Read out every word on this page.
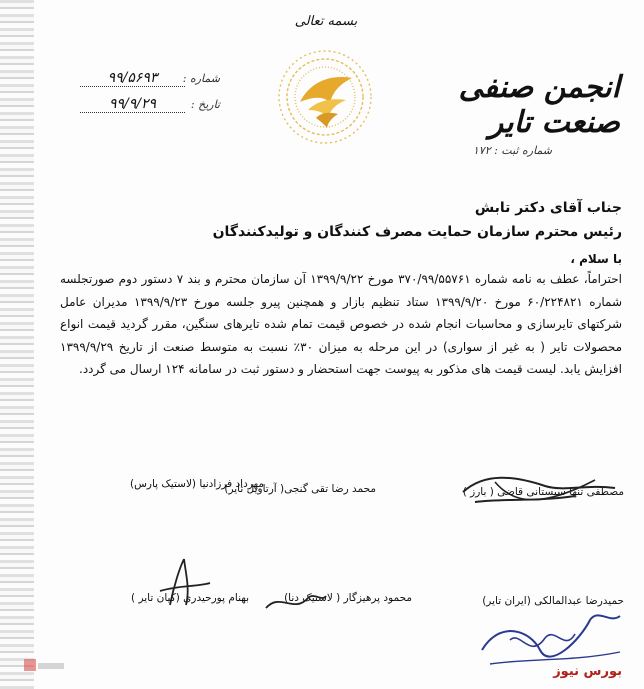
بسمه تعالی
انجمن صنفی صنعت تایر
شماره ثبت : ۱۷۲
شماره :
۹۹/۵۶۹۳
تاریخ :
۹۹/۹/۲۹
جناب آقای دکتر تابش
رئیس محترم سازمان حمایت مصرف کنندگان و تولیدکنندگان
با سلام ،
احتراماً، عطف به نامه شماره ۳۷۰/۹۹/۵۵۷۶۱ مورخ ۱۳۹۹/۹/۲۲ آن سازمان محترم و بند ۷ دستور دوم صورتجلسه شماره ۶۰/۲۲۴۸۲۱ مورخ ۱۳۹۹/۹/۲۰ ستاد تنظیم بازار و همچنین پیرو جلسه مورخ ۱۳۹۹/۹/۲۳ مدیران عامل شرکتهای تایرسازی و محاسبات انجام شده در خصوص قیمت تمام شده تایرهای سنگین، مقرر گردید قیمت انواع محصولات تایر ( به غیر از سواری) در این مرحله به میزان ۳۰٪ نسبت به متوسط صنعت از تاریخ ۱۳۹۹/۹/۲۹ افزایش یابد. لیست قیمت های مذکور به پیوست جهت استحضار و دستور ثبت در سامانه ۱۲۴ ارسال می گردد.
مصطفی تنها سیستانی قاضی ( بارز )
محمد رضا تقی گنجی( آرتاویل تایر)
مهرداد فرزادنیا (لاستیک پارس)
حمیدرضا عبدالمالکی (ایران تایر)
محمود پرهیزگار ( لاستیک دنا)
بهنام پورحیدری (کیان تایر )
بورس نیوز
